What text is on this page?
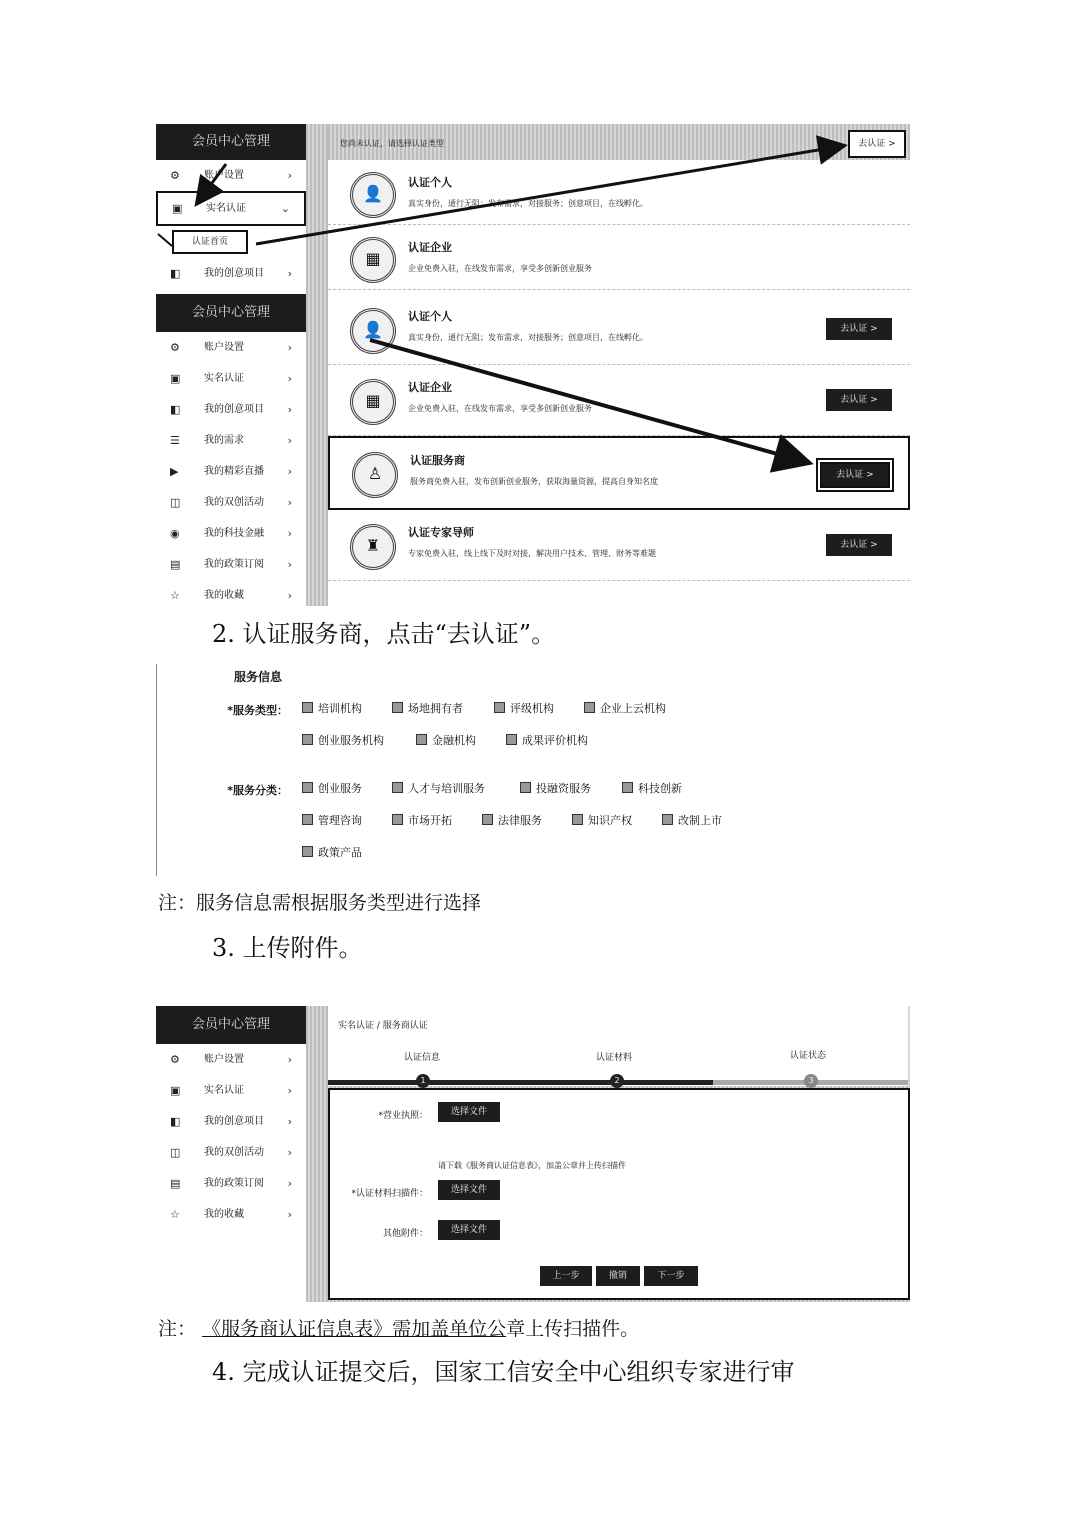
会员中心管理
⚙ 账户设置	›
▣ 实名认证	⌄
认证首页
◧ 我的创意项目 ›
您尚未认证，请选择认证类型	去认证 >
👤
认证个人
真实身份，通行无阻；发布需求，对接服务；创意项目，在线孵化。
▦
认证企业
企业免费入驻，在线发布需求，享受多创新创业服务
会员中心管理
⚙ 账户设置	›
▣ 实名认证	›
◧ 我的创意项目 ›
☰ 我的需求	›
▶	我的精彩直播 ›
◫ 我的双创活动 ›
◉ 我的科技金融 ›
▤ 我的政策订阅 ›
☆ 我的收藏	›
👤
认证个人
真实身份，通行无阻；发布需求，对接服务；创意项目，在线孵化。
去认证 >
▦
认证企业
企业免费入驻，在线发布需求，享受多创新创业服务
去认证 >
♙
认证服务商
服务商免费入驻，发布创新创业服务，获取海量资源，提高自身知名度
去认证 >
♜
认证专家导师
专家免费入驻，线上线下及时对接，解决用户技术、管理、财务等难题
去认证 >
2. 认证服务商，点击“去认证”。
服务信息
*服务类型：	培训机构	场地拥有者	评级机构	企业上云机构
创业服务机构	金融机构	成果评价机构
*服务分类：	创业服务	人才与培训服务	投融资服务	科技创新
管理咨询	市场开拓	法律服务	知识产权	改制上市
政策产品
注：服务信息需根据服务类型进行选择
3. 上传附件。
会员中心管理
⚙ 账户设置	›
▣ 实名认证	›
◧ 我的创意项目 ›
◫ 我的双创活动 ›
▤ 我的政策订阅 ›
☆ 我的收藏	›
实名认证 / 服务商认证
认证信息	认证材料	认证状态
1	2	3
*营业执照：	选择文件
请下载《服务商认证信息表》，加盖公章并上传扫描件
*认证材料扫描件：	选择文件
其他附件：	选择文件
上一步	撤销	下一步
注： 《服务商认证信息表》需加盖单位公章上传扫描件。
4. 完成认证提交后，国家工信安全中心组织专家进行审
